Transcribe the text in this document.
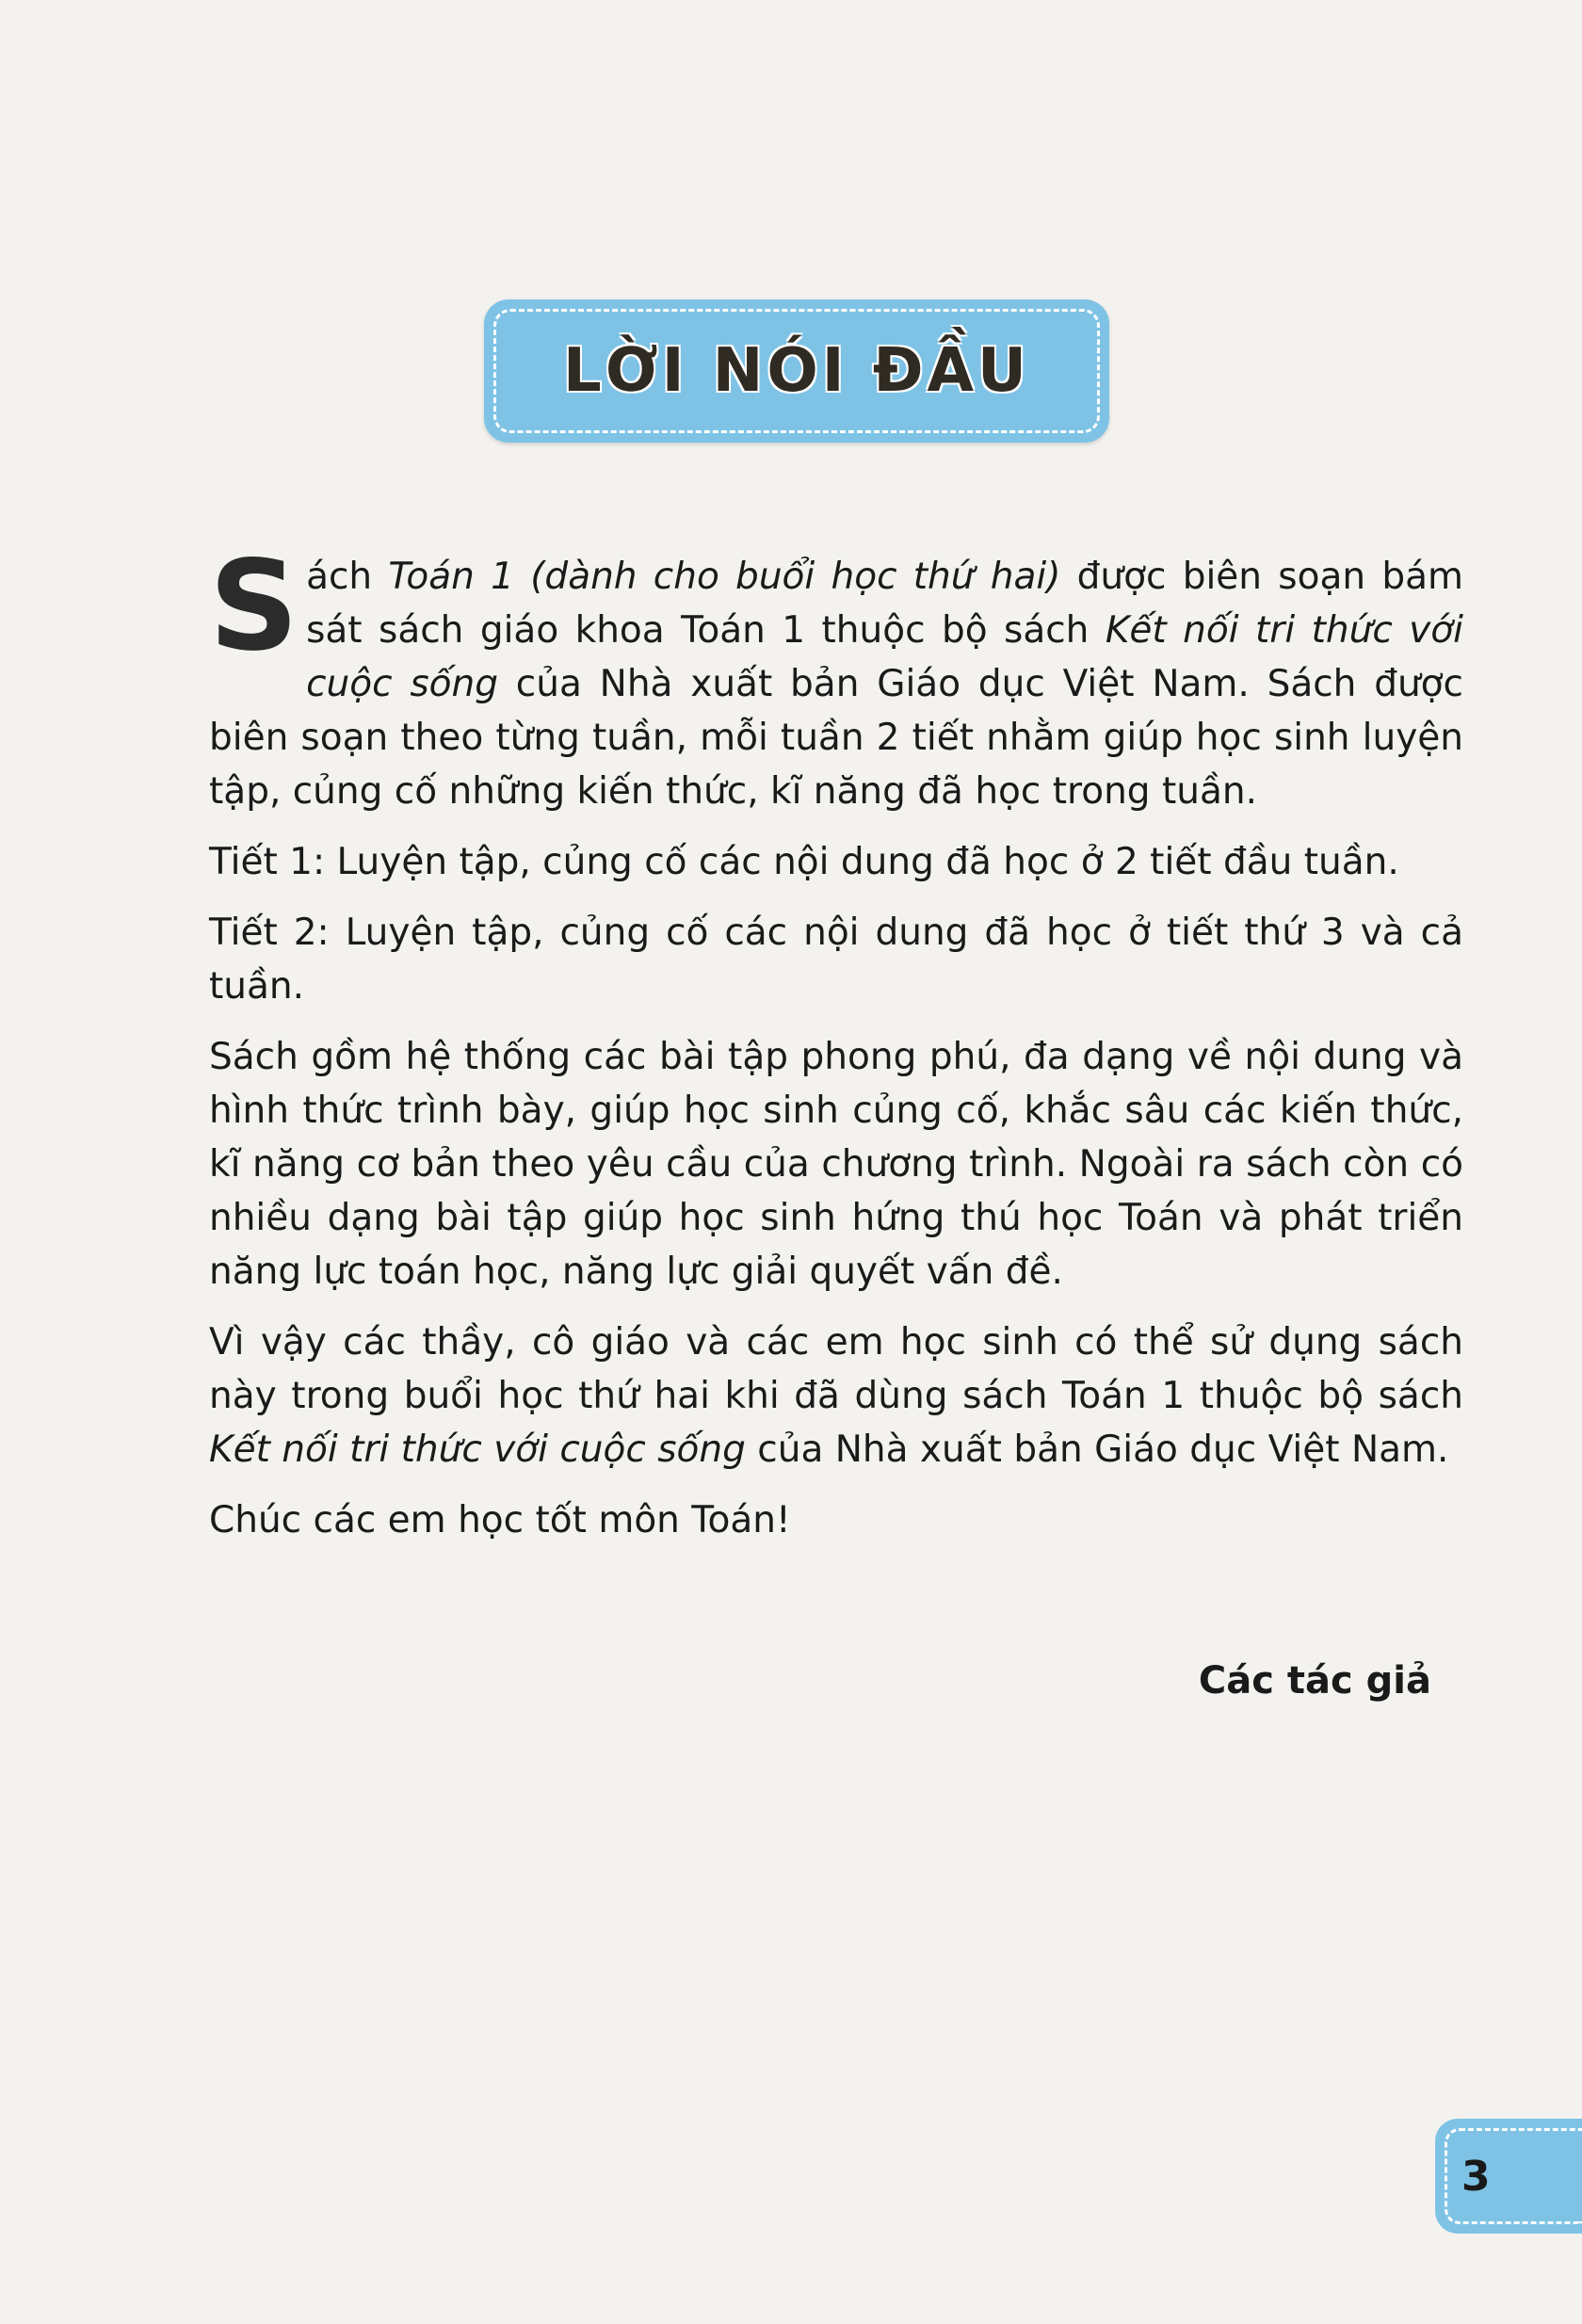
LỜI NÓI ĐẦU

Sách Toán 1 (dành cho buổi học thứ hai) được biên soạn bám sát sách giáo khoa Toán 1 thuộc bộ sách Kết nối tri thức với cuộc sống của Nhà xuất bản Giáo dục Việt Nam. Sách được biên soạn theo từng tuần, mỗi tuần 2 tiết nhằm giúp học sinh luyện tập, củng cố những kiến thức, kĩ năng đã học trong tuần.

Tiết 1: Luyện tập, củng cố các nội dung đã học ở 2 tiết đầu tuần.

Tiết 2: Luyện tập, củng cố các nội dung đã học ở tiết thứ 3 và cả tuần.

Sách gồm hệ thống các bài tập phong phú, đa dạng về nội dung và hình thức trình bày, giúp học sinh củng cố, khắc sâu các kiến thức, kĩ năng cơ bản theo yêu cầu của chương trình. Ngoài ra sách còn có nhiều dạng bài tập giúp học sinh hứng thú học Toán và phát triển năng lực toán học, năng lực giải quyết vấn đề.

Vì vậy các thầy, cô giáo và các em học sinh có thể sử dụng sách này trong buổi học thứ hai khi đã dùng sách Toán 1 thuộc bộ sách Kết nối tri thức với cuộc sống của Nhà xuất bản Giáo dục Việt Nam.

Chúc các em học tốt môn Toán!

Các tác giả
3
